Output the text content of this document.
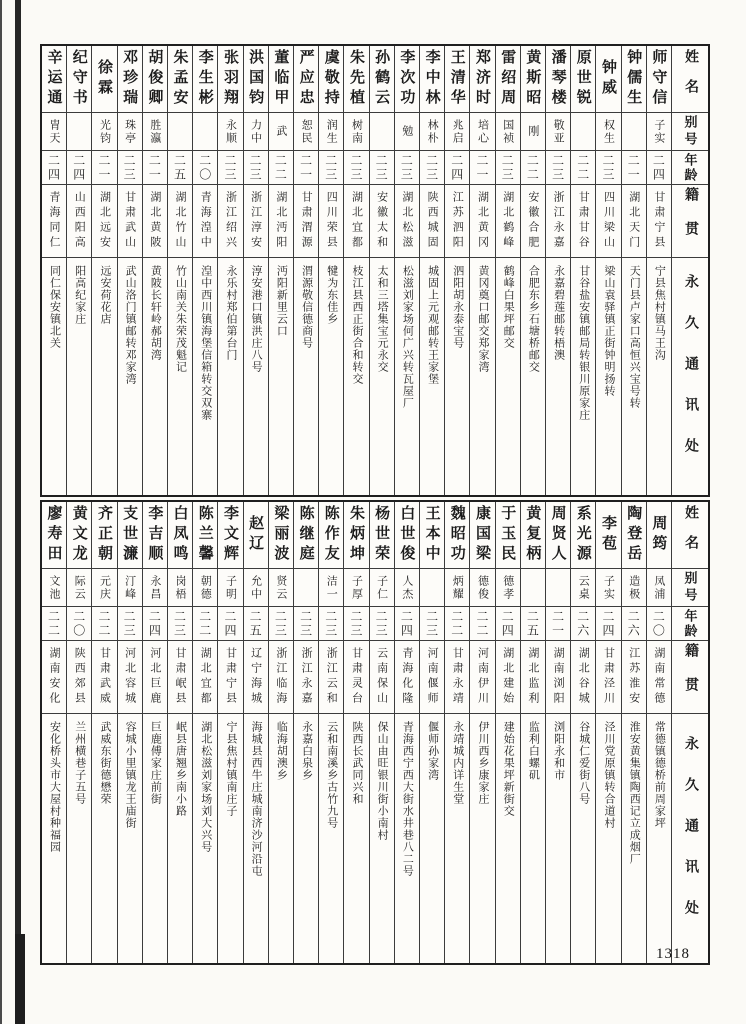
姓名
别号
年龄
籍贯
永久通讯处
师守信
子实
二四
甘肃宁县
宁县焦村镇马王沟
钟儒生
二一
湖北天门
天门县卢家口高恒兴宝号转
钟威
权生
二三
四川梁山
梁山袁驿镇正街钟明扬转
原世锐
二二
甘肃甘谷
甘谷盐安镇邮局转银川原家庄
潘琴楼
敬亚
二三
浙江永嘉
永嘉碧莲邮转梧澳
黄斯昭
刚
二二
安徽合肥
合肥东乡石塘桥邮交
雷绍周
国祯
二三
湖北鹤峰
鹤峰白果坪邮交
郑济时
培心
二一
湖北黄冈
黄冈奠口邮交郑家湾
王清华
兆启
二四
江苏泗阳
泗阳胡永泰宝号
李中林
林朴
二三
陕西城固
城固上元观邮转王家堡
李次功
勉
二三
湖北松滋
松滋刘家场何广兴转瓦屋厂
孙鹤云
二三
安徽太和
太和三塔集宝元永交
朱先植
树南
二三
湖北宜都
枝江县西正街合和转交
虞敬持
润生
二三
四川荣县
犍为东佳乡
严应忠
恕民
二一
甘肃渭源
渭源敬信德商号
董临甲
武
二二
湖北沔阳
沔阳新里云口
洪国钧
力中
二三
浙江淳安
淳安港口镇洪庄八号
张羽翔
永顺
二三
浙江绍兴
永乐村郑伯第台门
李生彬
二〇
青海湟中
湟中西川镇海堡信箱转交双寨
朱孟安
二五
湖北竹山
竹山南关朱荣茂魁记
胡俊卿
胜瀛
二一
湖北黄陂
黄陂长轩岭郝胡湾
邓珍瑞
珠亭
二三
甘肃武山
武山洛门镇邮转邓家湾
徐霖
光钧
二一
湖北远安
远安荷花店
纪守书
二四
山西阳高
阳高纪家庄
辛运通
胄天
二四
青海同仁
同仁保安镇北关
姓名
别号
年龄
籍贯
永久通讯处
周筠
凤浦
二〇
湖南常德
常德镇德桥前周家坪
陶登岳
造极
二六
江苏淮安
淮安黄集镇陶西记立成烟厂
李苞
子实
二四
甘肃泾川
泾川党原镇转合道村
系光源
云桌
二六
湖北谷城
谷城仁爱街八号
周贤人
二一
湖南浏阳
浏阳永和市
黄复柄
二五
湖北监利
监利白螺矶
于玉民
德孝
二四
湖北建始
建始花果坪新街交
康国梁
德俊
二二
河南伊川
伊川西乡康家庄
魏昭功
炳耀
二二
甘肃永靖
永靖城内详生堂
王本中
二三
河南偃师
偃师孙家湾
白世俊
人杰
二四
青海化隆
青海西宁西大街水井巷八二号
杨世荣
子仁
二三
云南保山
保山由旺银川街小南村
朱炳坤
子厚
二三
甘肃灵台
陕西长武同兴和
陈作友
洁一
二三
浙江云和
云和南溪乡古竹九号
陈继庭
二三
浙江永嘉
永嘉白泉乡
梁丽波
贤云
二三
浙江临海
临海胡澳乡
赵辽
允中
二五
辽宁海城
海城县西牛庄城南济沙河沿屯
李文辉
子明
二四
甘肃宁县
宁县焦村镇南庄子
陈兰馨
朝德
二二
湖北宜都
湖北松滋刘家场刘大兴号
白凤鸣
岗梧
二三
甘肃岷县
岷县唐翘乡南小路
李吉顺
永昌
二四
河北巨鹿
巨鹿傅家庄前街
支世濂
汀峰
二三
河北容城
容城小里镇龙王庙街
齐正朝
元庆
二二
甘肃武威
武威东街德懋荣
黄文龙
际云
二〇
陕西郊县
兰州横巷子五号
廖寿田
文池
二二
湖南安化
安化桥头市大屋村种福园
1318
